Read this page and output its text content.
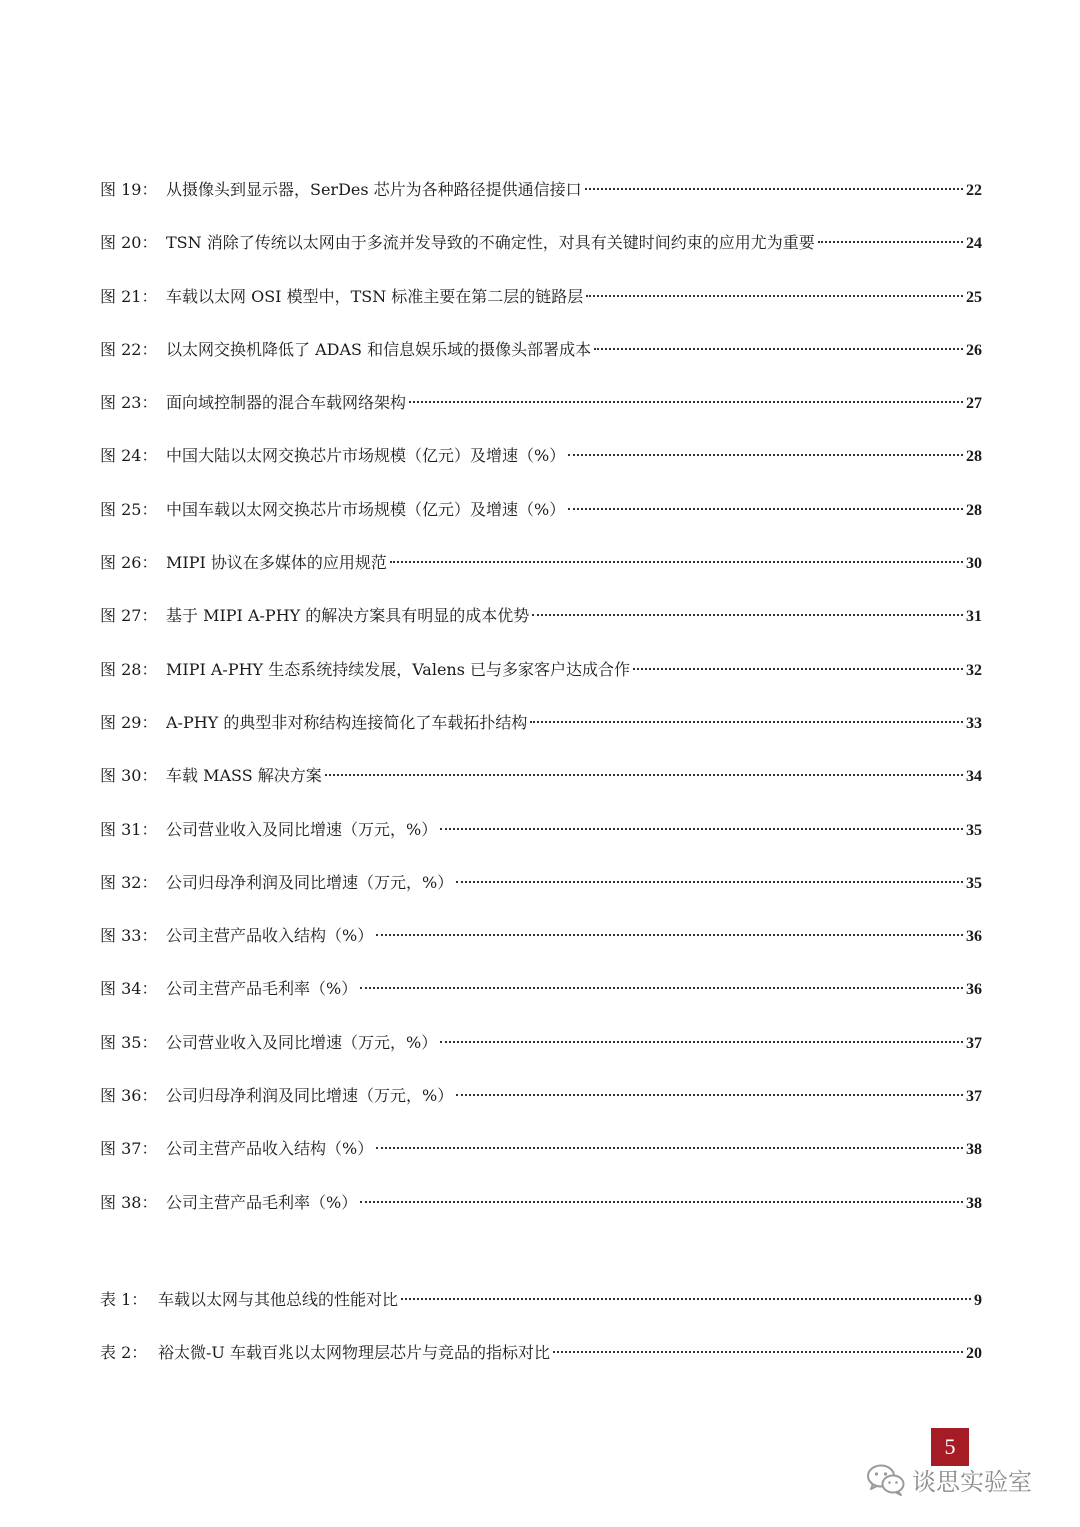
图 19： 从摄像头到显示器，SerDes 芯片为各种路径提供通信接口	22
图 20： TSN 消除了传统以太网由于多流并发导致的不确定性，对具有关键时间约束的应用尤为重要	24
图 21： 车载以太网 OSI 模型中，TSN 标准主要在第二层的链路层	25
图 22： 以太网交换机降低了 ADAS 和信息娱乐域的摄像头部署成本	26
图 23： 面向域控制器的混合车载网络架构	27
图 24： 中国大陆以太网交换芯片市场规模（亿元）及增速（%）	28
图 25： 中国车载以太网交换芯片市场规模（亿元）及增速（%）	28
图 26： MIPI 协议在多媒体的应用规范	30
图 27： 基于 MIPI A-PHY 的解决方案具有明显的成本优势	31
图 28： MIPI A-PHY 生态系统持续发展，Valens 已与多家客户达成合作	32
图 29： A-PHY 的典型非对称结构连接简化了车载拓扑结构	33
图 30： 车载 MASS 解决方案	34
图 31： 公司营业收入及同比增速（万元，%）	35
图 32： 公司归母净利润及同比增速（万元，%）	35
图 33： 公司主营产品收入结构（%）	36
图 34： 公司主营产品毛利率（%）	36
图 35： 公司营业收入及同比增速（万元，%）	37
图 36： 公司归母净利润及同比增速（万元，%）	37
图 37： 公司主营产品收入结构（%）	38
图 38： 公司主营产品毛利率（%）	38
表 1： 车载以太网与其他总线的性能对比	9
表 2： 裕太微-U 车载百兆以太网物理层芯片与竞品的指标对比	20
5
谈思实验室
